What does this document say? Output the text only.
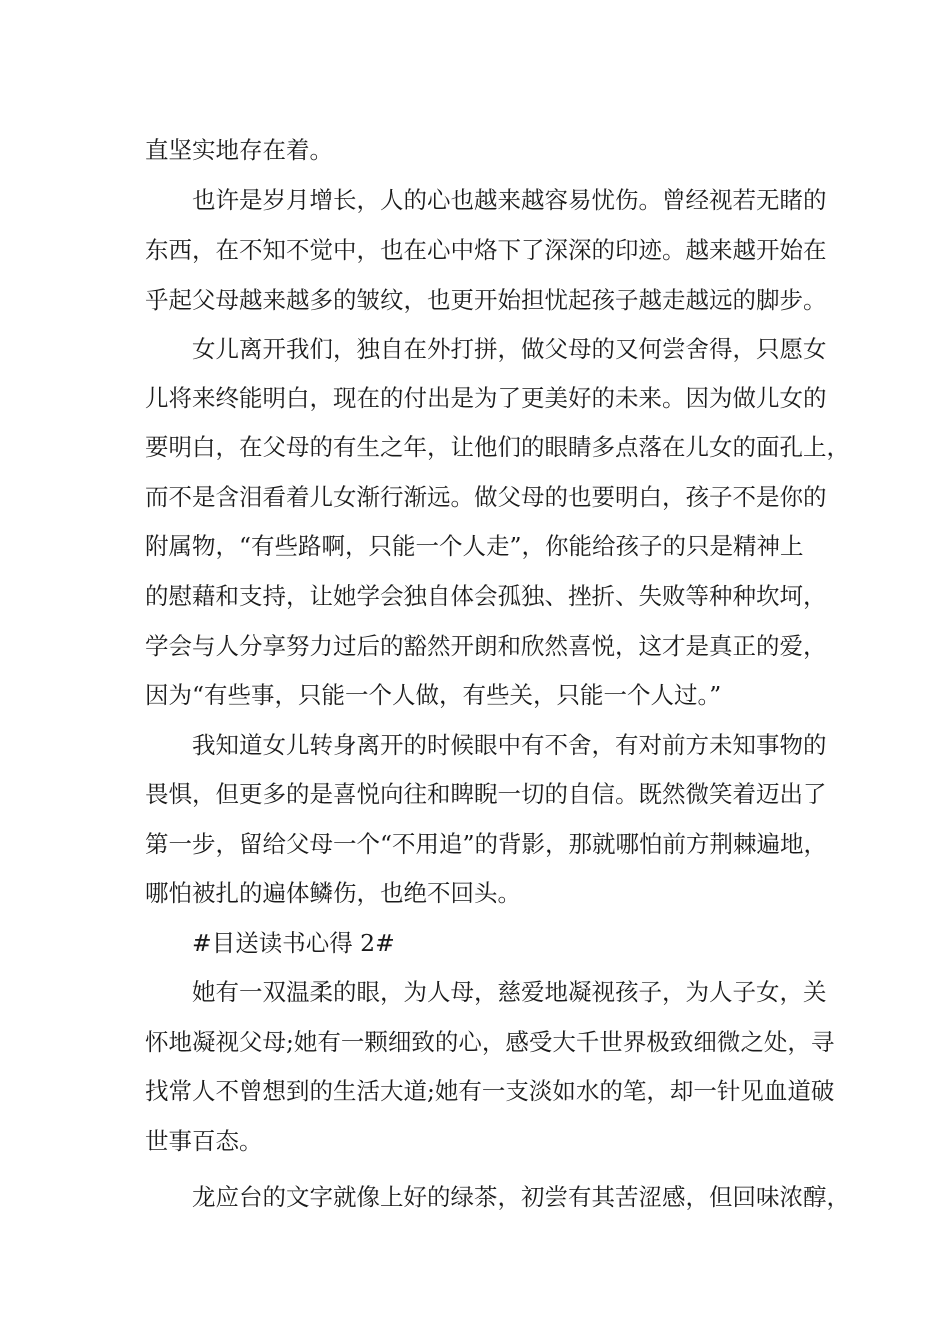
直坚实地存在着。
也许是岁月增长，人的心也越来越容易忧伤。曾经视若无睹的
东西，在不知不觉中，也在心中烙下了深深的印迹。越来越开始在
乎起父母越来越多的皱纹，也更开始担忧起孩子越走越远的脚步。
女儿离开我们，独自在外打拼，做父母的又何尝舍得，只愿女
儿将来终能明白，现在的付出是为了更美好的未来。因为做儿女的
要明白，在父母的有生之年，让他们的眼睛多点落在儿女的面孔上，
而不是含泪看着儿女渐行渐远。做父母的也要明白，孩子不是你的
附属物，“有些路啊，只能一个人走”，你能给孩子的只是精神上
的慰藉和支持，让她学会独自体会孤独、挫折、失败等种种坎坷，
学会与人分享努力过后的豁然开朗和欣然喜悦，这才是真正的爱，
因为“有些事，只能一个人做，有些关，只能一个人过。”
我知道女儿转身离开的时候眼中有不舍，有对前方未知事物的
畏惧，但更多的是喜悦向往和睥睨一切的自信。既然微笑着迈出了
第一步，留给父母一个“不用追”的背影，那就哪怕前方荆棘遍地，
哪怕被扎的遍体鳞伤，也绝不回头。
#目送读书心得 2#
她有一双温柔的眼，为人母，慈爱地凝视孩子，为人子女，关
怀地凝视父母;她有一颗细致的心，感受大千世界极致细微之处，寻
找常人不曾想到的生活大道;她有一支淡如水的笔，却一针见血道破
世事百态。
龙应台的文字就像上好的绿茶，初尝有其苦涩感，但回味浓醇，
